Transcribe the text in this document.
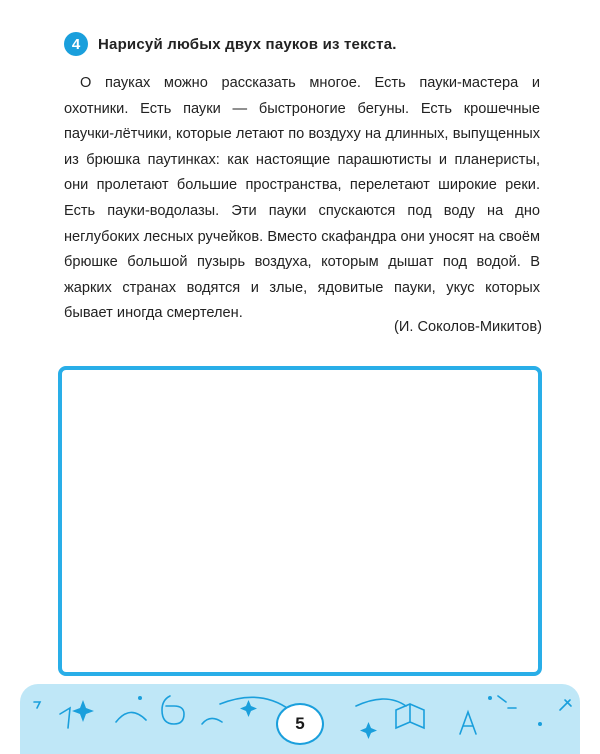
4	Нарисуй любых двух пауков из текста.

О пауках можно рассказать многое. Есть пауки-мастера и охотники. Есть пауки — быстроногие бегуны. Есть крошечные паучки-лётчики, которые летают по воздуху на длинных, выпущенных из брюшка паутинках: как настоящие парашютисты и планеристы, они пролетают большие пространства, перелетают широкие реки. Есть пауки-водолазы. Эти пауки спускаются под воду на дно неглубоких лесных ручейков. Вместо скафандра они уносят на своём брюшке большой пузырь воздуха, которым дышат под водой. В жарких странах водятся и злые, ядовитые пауки, укус которых бывает иногда смертелен.

(И. Соколов-Микитов)
5
